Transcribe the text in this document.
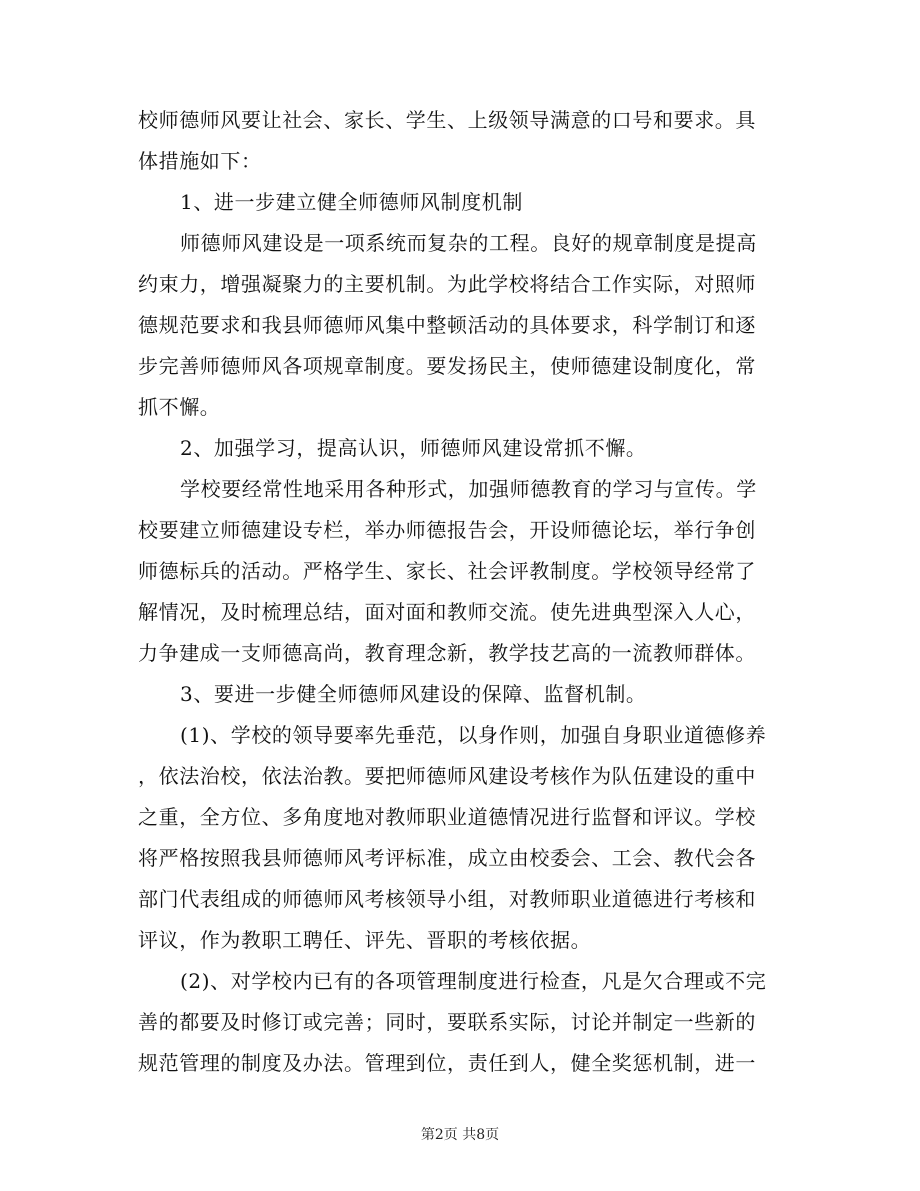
校师德师风要让社会、家长、学生、上级领导满意的口号和要求。具
体措施如下：
1、进一步建立健全师德师风制度机制
师德师风建设是一项系统而复杂的工程。良好的规章制度是提高
约束力，增强凝聚力的主要机制。为此学校将结合工作实际，对照师
德规范要求和我县师德师风集中整顿活动的具体要求，科学制订和逐
步完善师德师风各项规章制度。要发扬民主，使师德建设制度化，常
抓不懈。
2、加强学习，提高认识，师德师风建设常抓不懈。
学校要经常性地采用各种形式，加强师德教育的学习与宣传。学
校要建立师德建设专栏，举办师德报告会，开设师德论坛，举行争创
师德标兵的活动。严格学生、家长、社会评教制度。学校领导经常了
解情况，及时梳理总结，面对面和教师交流。使先进典型深入人心，
力争建成一支师德高尚，教育理念新，教学技艺高的一流教师群体。
3、要进一步健全师德师风建设的保障、监督机制。
(1)、学校的领导要率先垂范，以身作则，加强自身职业道德修养
，依法治校，依法治教。要把师德师风建设考核作为队伍建设的重中
之重，全方位、多角度地对教师职业道德情况进行监督和评议。学校
将严格按照我县师德师风考评标准，成立由校委会、工会、教代会各
部门代表组成的师德师风考核领导小组，对教师职业道德进行考核和
评议，作为教职工聘任、评先、晋职的考核依据。
(2)、对学校内已有的各项管理制度进行检查，凡是欠合理或不完
善的都要及时修订或完善；同时，要联系实际，讨论并制定一些新的
规范管理的制度及办法。管理到位，责任到人，健全奖惩机制，进一
第2页 共8页
